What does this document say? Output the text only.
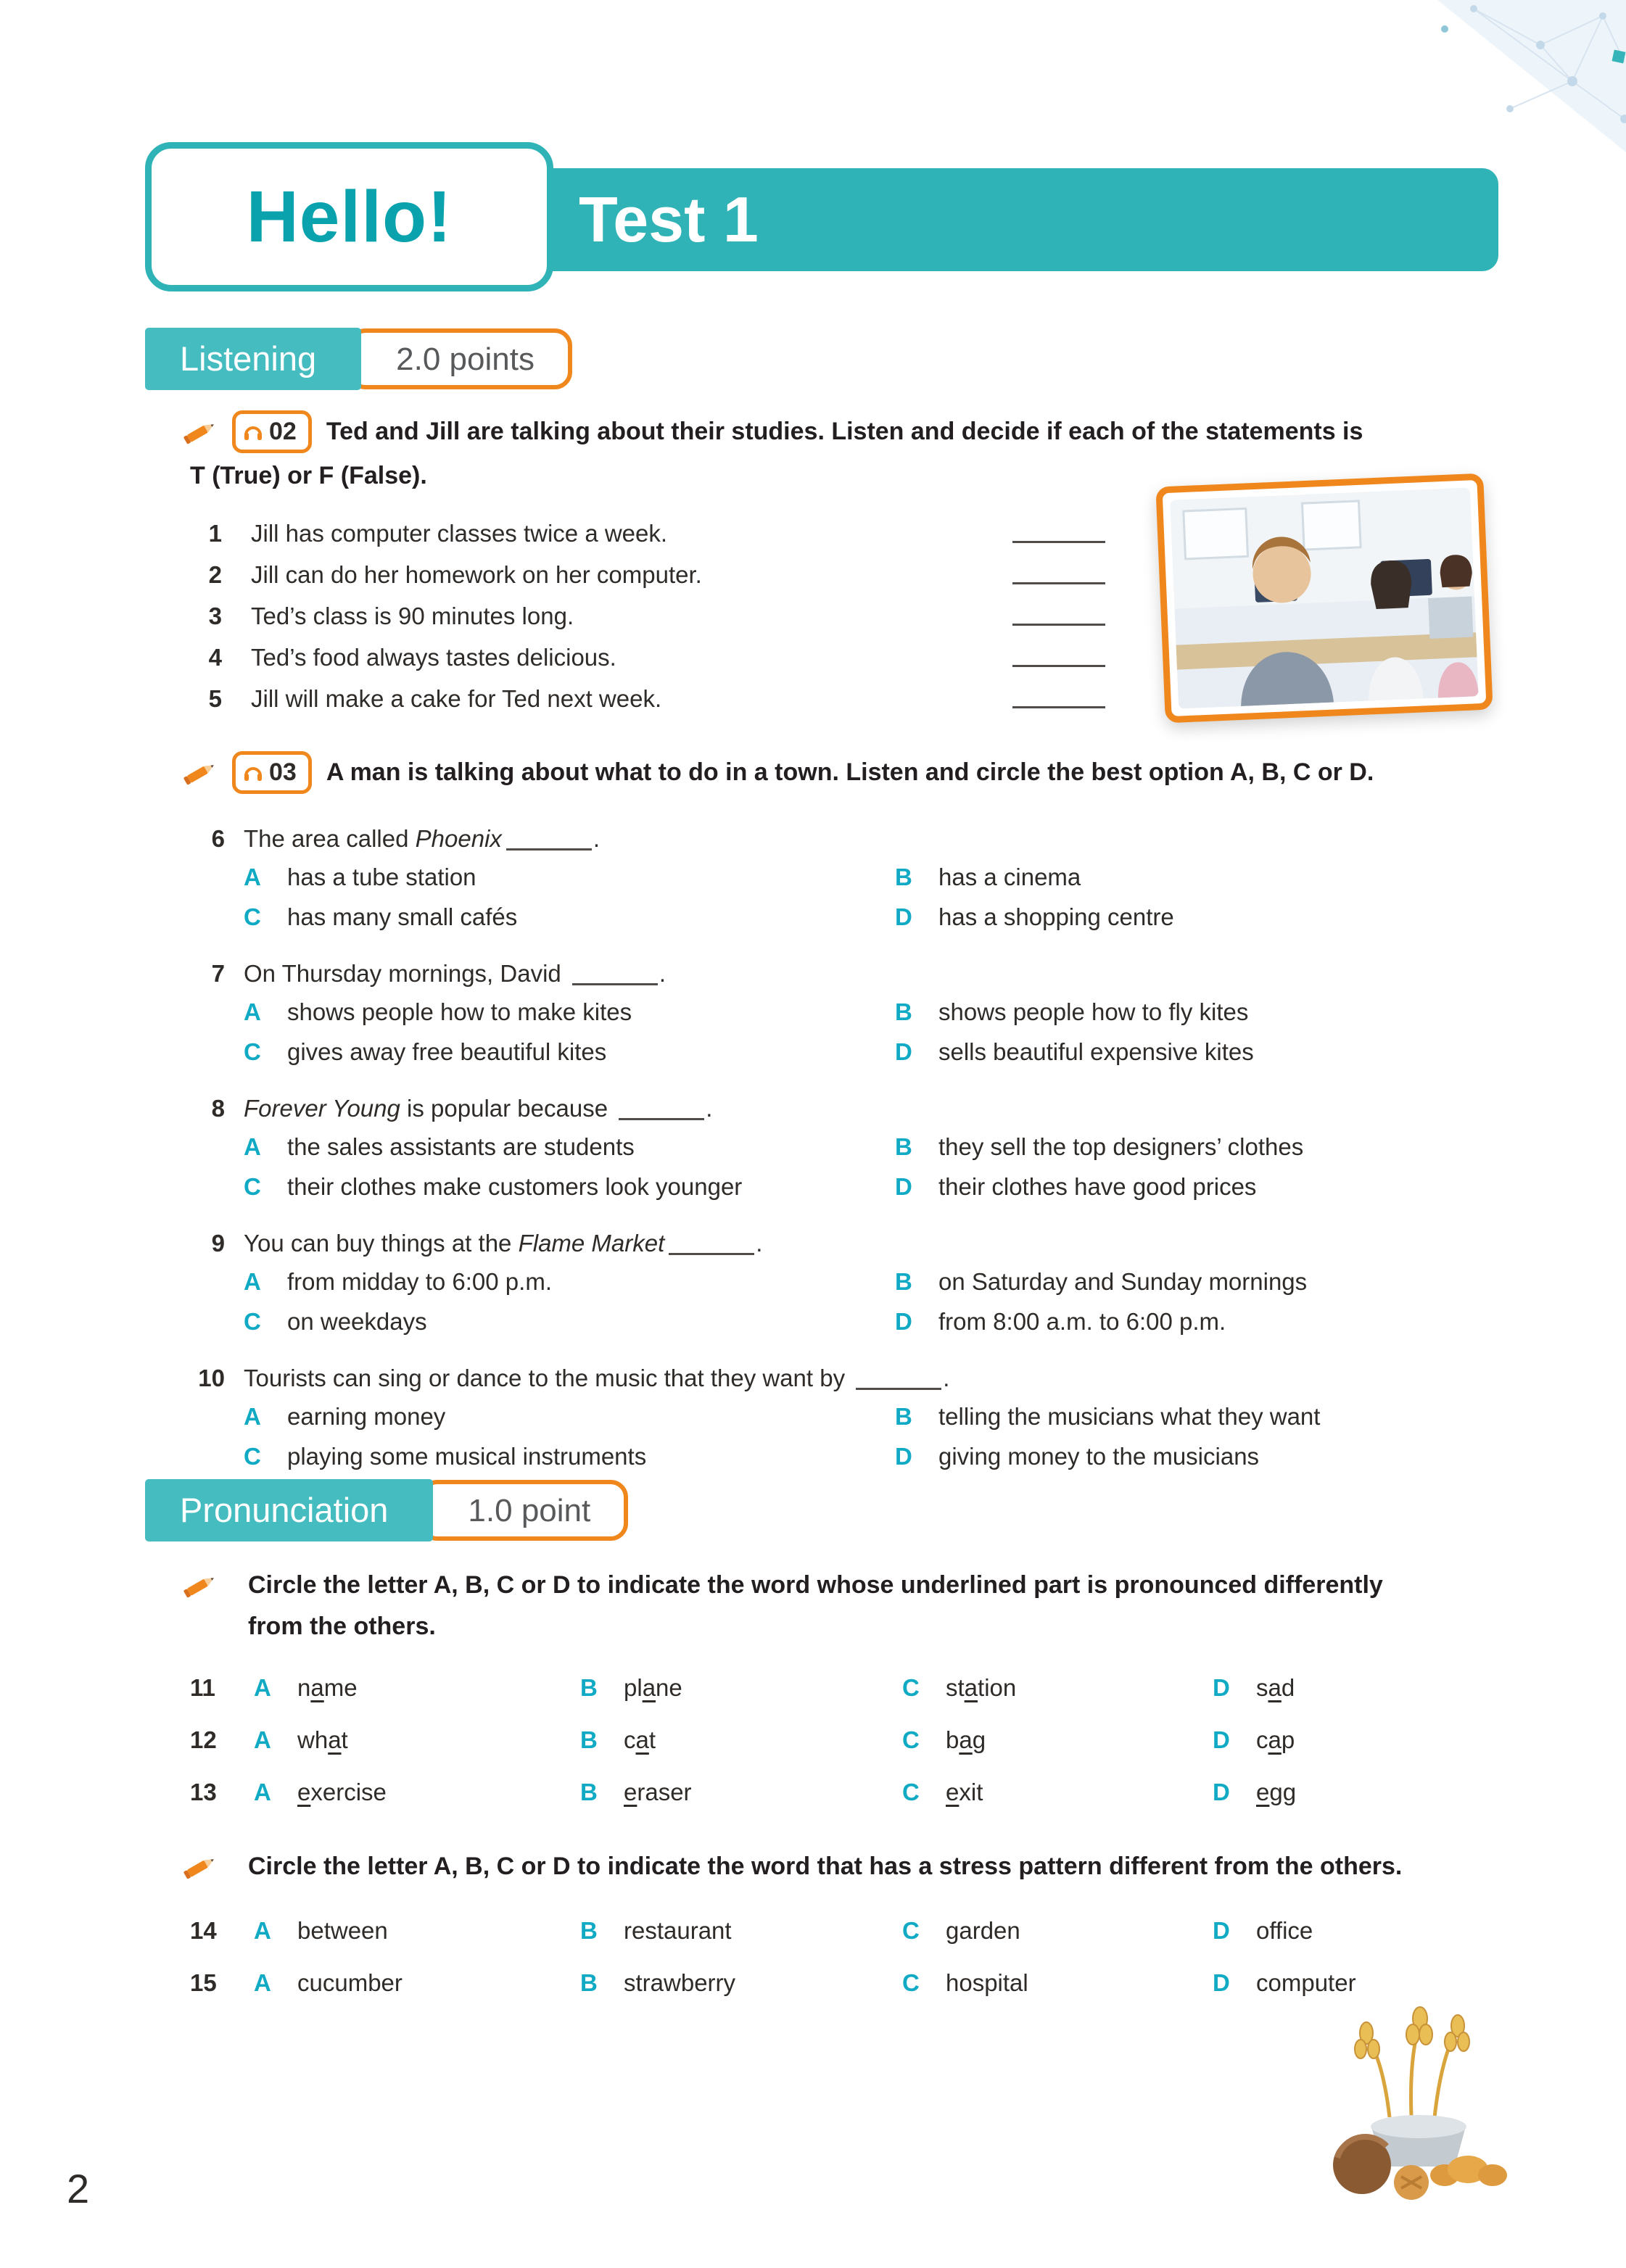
Hello! Test 1
Listening	2.0 points
02 Ted and Jill are talking about their studies. Listen and decide if each of the statements is
T (True) or F (False).
1 Jill has computer classes twice a week.
2 Jill can do her homework on her computer.
3 Ted’s class is 90 minutes long.
4 Ted’s food always tastes delicious.
5 Jill will make a cake for Ted next week.
03 A man is talking about what to do in a town. Listen and circle the best option A, B, C or D.
6 The area called Phoenix	.
A has a tube station	B has a cinema
C has many small cafés	D has a shopping centre
7 On Thursday mornings, David	.
A shows people how to make kites	B shows people how to fly kites
C gives away free beautiful kites	D sells beautiful expensive kites
8 Forever Young is popular because	.
A the sales assistants are students	B they sell the top designers’ clothes
C their clothes make customers look younger	D their clothes have good prices
9 You can buy things at the Flame Market	.
A from midday to 6:00 p.m.	B on Saturday and Sunday mornings
C on weekdays	D from 8:00 a.m. to 6:00 p.m.
10 Tourists can sing or dance to the music that they want by	.
A earning money	B telling the musicians what they want
C playing some musical instruments	D giving money to the musicians
Pronunciation	1.0 point
Circle the letter A, B, C or D to indicate the word whose underlined part is pronounced differently
from the others.
11	A name	B plane	C station	D sad
12	A what	B cat	C bag	D cap
13	A exercise	B eraser	C exit	D egg
Circle the letter A, B, C or D to indicate the word that has a stress pattern different from the others.
14	A between	B restaurant	C garden	D office
15	A cucumber	B strawberry	C hospital	D computer
2
